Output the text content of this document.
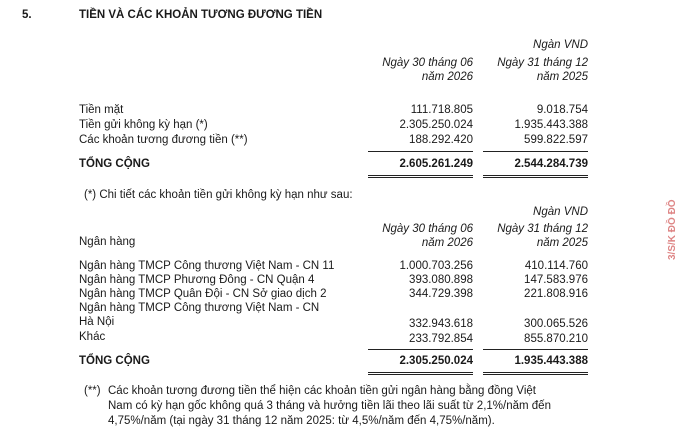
5.	TIỀN VÀ CÁC KHOẢN TƯƠNG ĐƯƠNG TIỀN
Ngàn VND
Ngày 30 tháng 06
năm 2026
Ngày 31 tháng 12
năm 2025
Tiền mặt	111.718.805	9.018.754
Tiền gửi không kỳ hạn (*)	2.305.250.024	1.935.443.388
Các khoản tương đương tiền (**)	188.292.420	599.822.597
TỔNG CỘNG	2.605.261.249	2.544.284.739
(*) Chi tiết các khoản tiền gửi không kỳ hạn như sau:
Ngàn VND
Ngày 30 tháng 06
năm 2026
Ngày 31 tháng 12
năm 2025
Ngân hàng
Ngân hàng TMCP Công thương Việt Nam - CN 11	1.000.703.256	410.114.760
Ngân hàng TMCP Phương Đông - CN Quận 4	393.080.898	147.583.976
Ngân hàng TMCP Quân Đội - CN Sở giao dịch 2	344.729.398	221.808.916
Ngân hàng TMCP Công thương Việt Nam - CN
Hà Nội	332.943.618	300.065.526
Khác	233.792.854	855.870.210
TỔNG CỘNG	2.305.250.024	1.935.443.388
(**) Các khoản tương đương tiền thể hiện các khoản tiền gửi ngân hàng bằng đồng Việt
Nam có kỳ hạn gốc không quá 3 tháng và hưởng tiền lãi theo lãi suất từ 2,1%/năm đến
4,75%/năm (tại ngày 31 tháng 12 năm 2025: từ 4,5%/năm đến 4,75%/năm).
3/S/K ĐỒ ĐỒ
